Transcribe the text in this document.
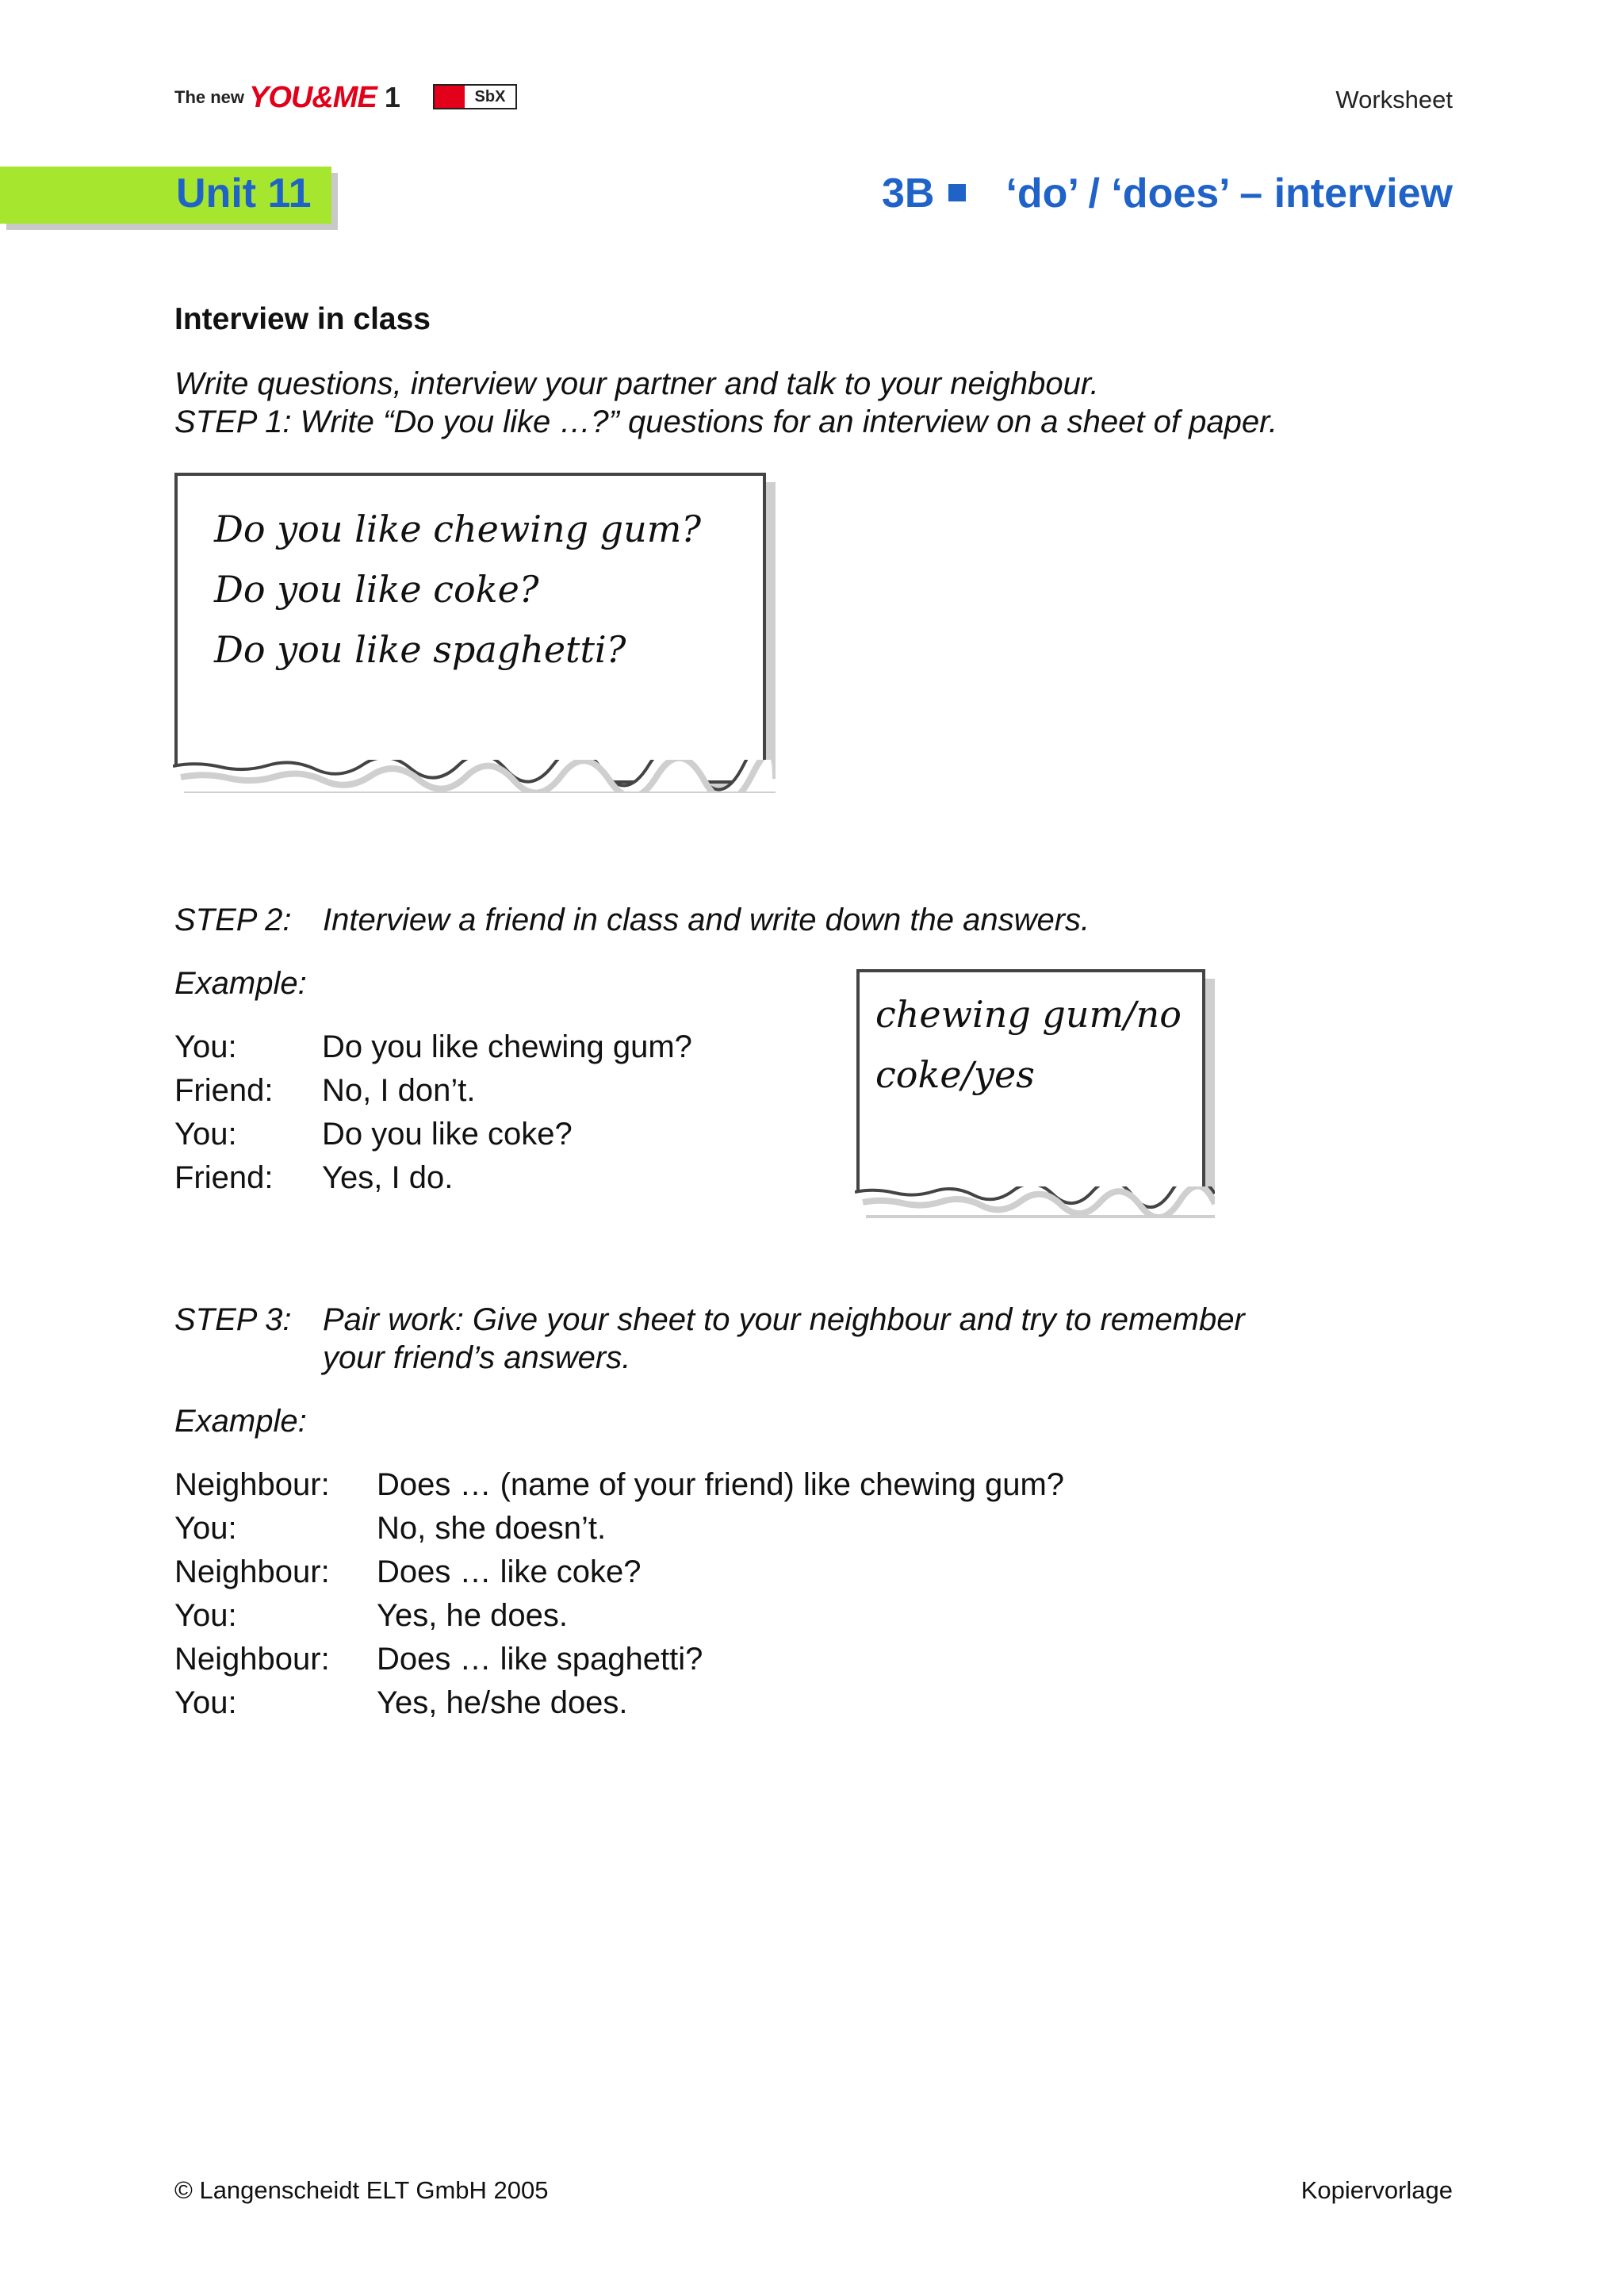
The new YOU&ME 1	SbX	Worksheet
Unit 11	3B ‘do’ / ‘does’ – interview
Interview in class
Write questions, interview your partner and talk to your neighbour.
STEP 1: Write “Do you like …?” questions for an interview on a sheet of paper.
Do you like chewing gum?
Do you like coke?
Do you like spaghetti?
STEP 2: Interview a friend in class and write down the answers.
Example:
You:	Do you like chewing gum?
Friend: No, I don’t.
You:	Do you like coke?
Friend: Yes, I do.
chewing gum/no
coke/yes
STEP 3: Pair work: Give your sheet to your neighbour and try to remember
your friend’s answers.
Example:
Neighbour: Does … (name of your friend) like chewing gum?
You:	No, she doesn’t.
Neighbour: Does … like coke?
You:	Yes, he does.
Neighbour: Does … like spaghetti?
You:	Yes, he/she does.
© Langenscheidt ELT GmbH 2005	Kopiervorlage
